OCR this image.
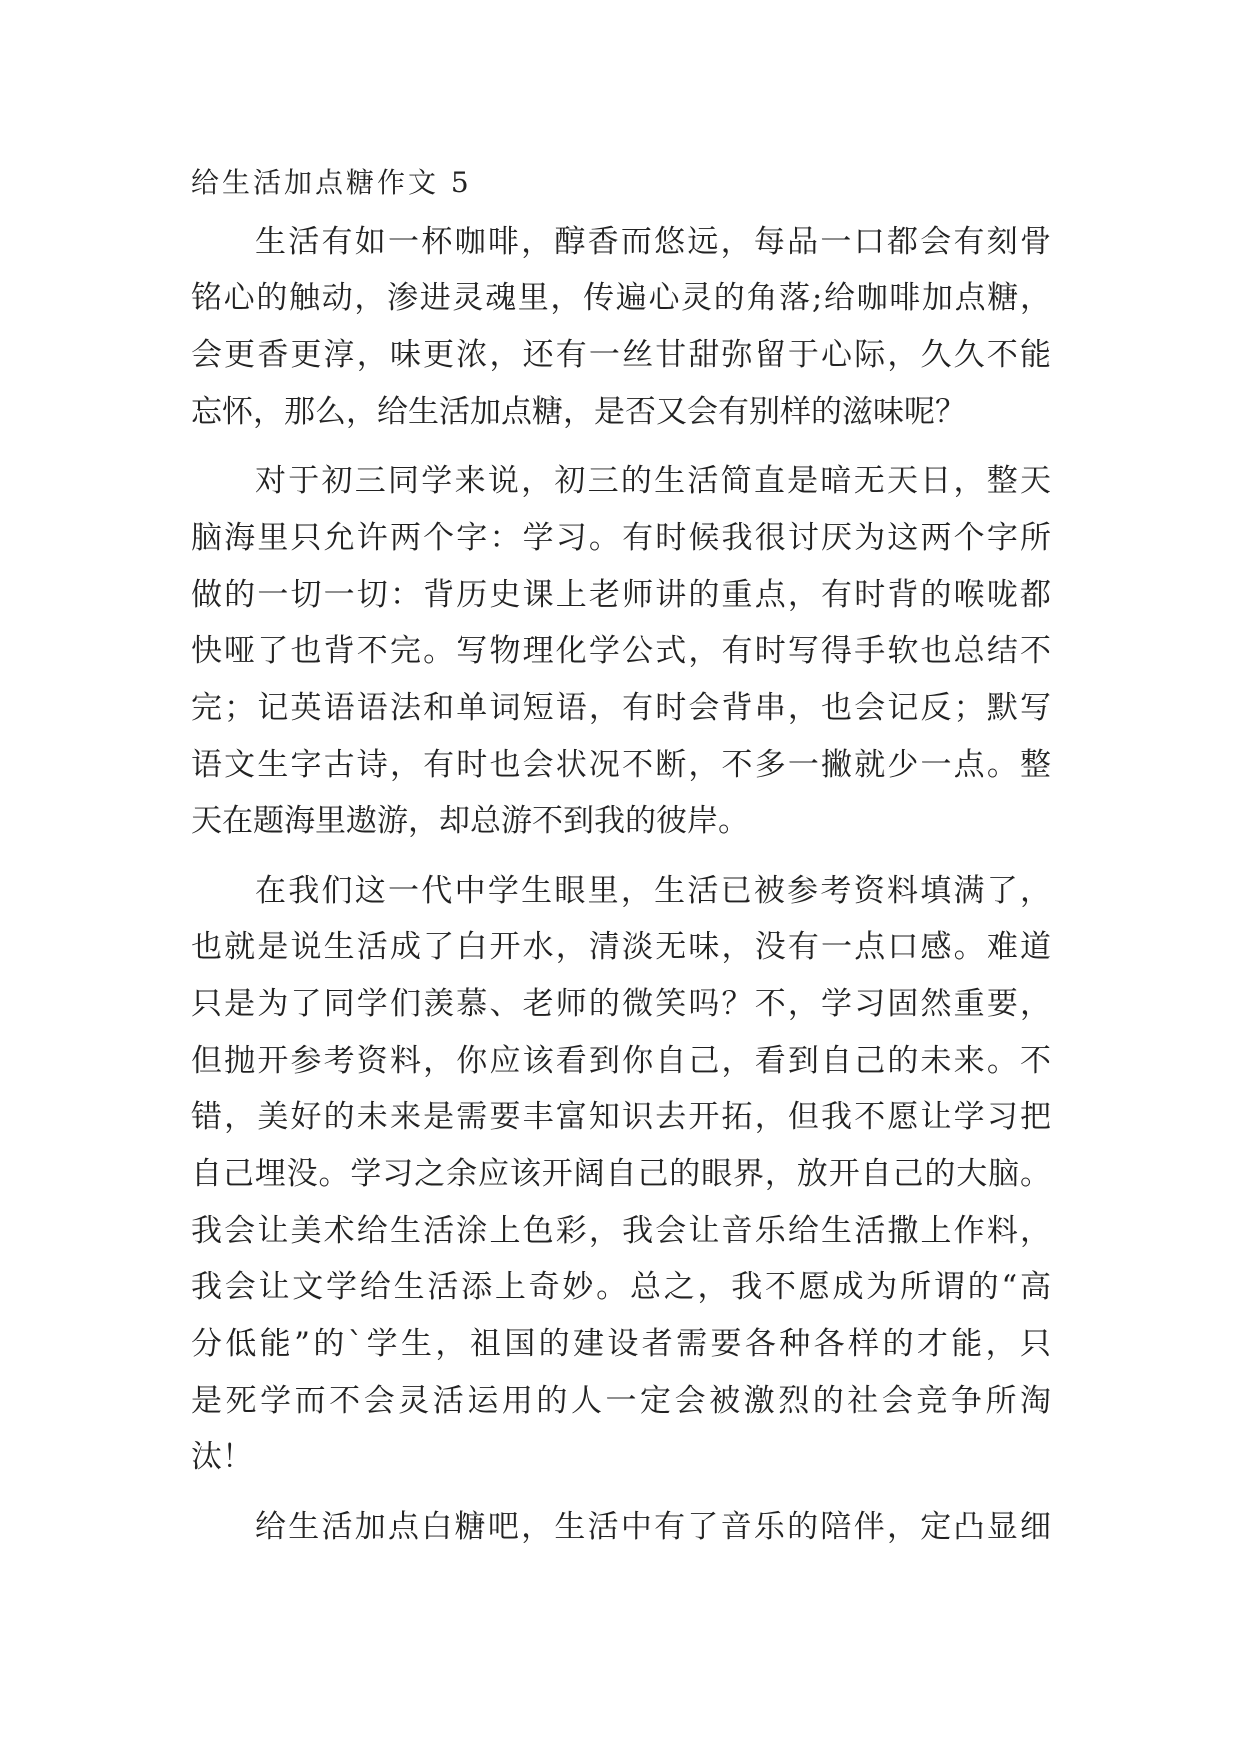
给生活加点糖作文 5
生活有如一杯咖啡，醇香而悠远，每品一口都会有刻骨
铭心的触动，渗进灵魂里，传遍心灵的角落;给咖啡加点糖，
会更香更淳，味更浓，还有一丝甘甜弥留于心际，久久不能
忘怀，那么，给生活加点糖，是否又会有别样的滋味呢？
对于初三同学来说，初三的生活简直是暗无天日，整天
脑海里只允许两个字：学习。有时候我很讨厌为这两个字所
做的一切一切：背历史课上老师讲的重点，有时背的喉咙都
快哑了也背不完。写物理化学公式，有时写得手软也总结不
完；记英语语法和单词短语，有时会背串，也会记反；默写
语文生字古诗，有时也会状况不断，不多一撇就少一点。整
天在题海里遨游，却总游不到我的彼岸。
在我们这一代中学生眼里，生活已被参考资料填满了，
也就是说生活成了白开水，清淡无味，没有一点口感。难道
只是为了同学们羡慕、老师的微笑吗？不，学习固然重要，
但抛开参考资料，你应该看到你自己，看到自己的未来。不
错，美好的未来是需要丰富知识去开拓，但我不愿让学习把
自己埋没。学习之余应该开阔自己的眼界，放开自己的大脑。
我会让美术给生活涂上色彩，我会让音乐给生活撒上作料，
我会让文学给生活添上奇妙。总之，我不愿成为所谓的“高
分低能”的`学生，祖国的建设者需要各种各样的才能，只
是死学而不会灵活运用的人一定会被激烈的社会竞争所淘
汰！
给生活加点白糖吧，生活中有了音乐的陪伴，定凸显细
